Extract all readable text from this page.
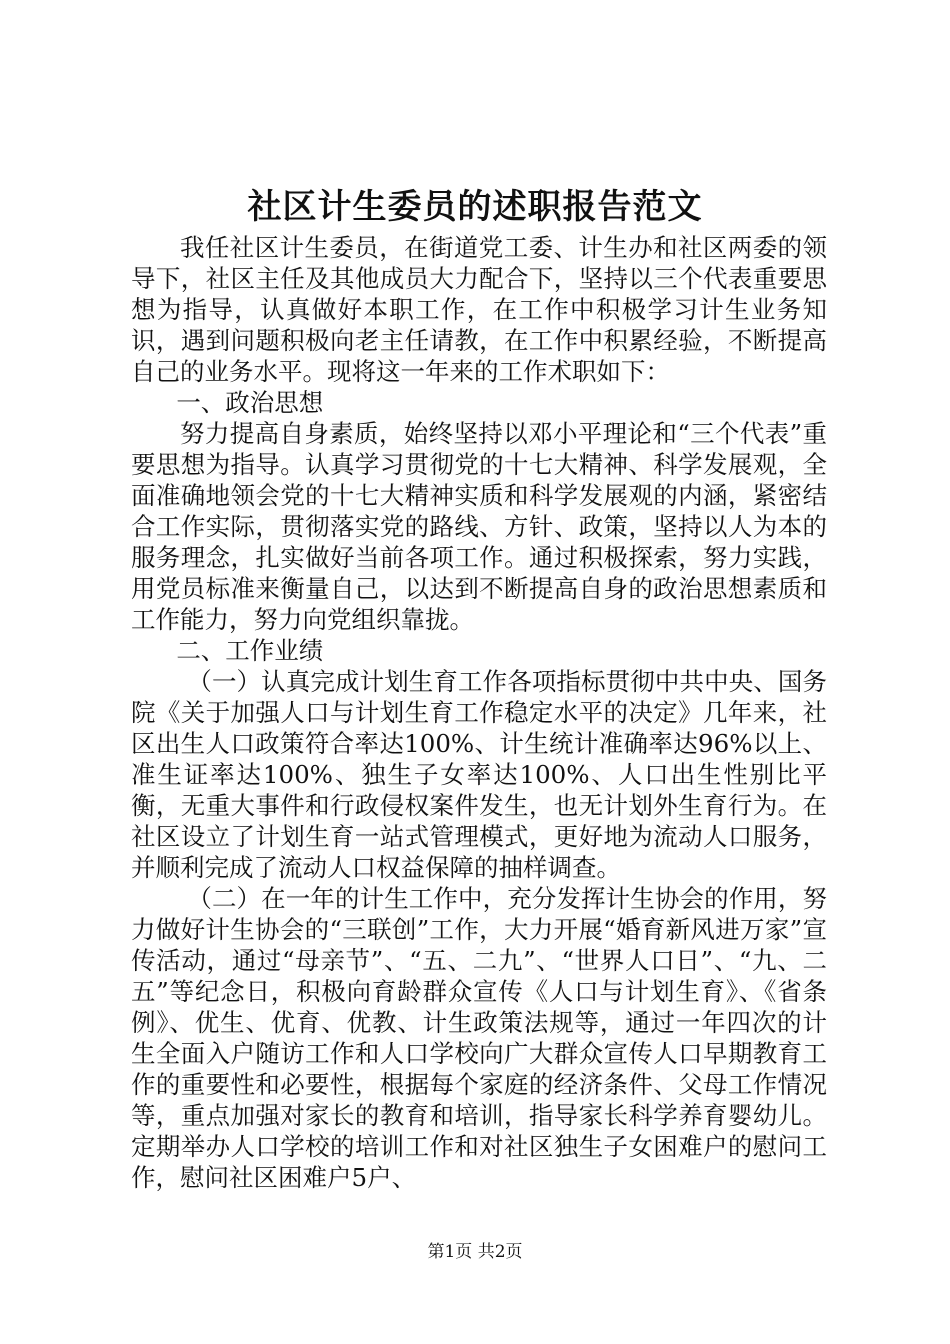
社区计生委员的述职报告范文

我任社区计生委员，在街道党工委、计生办和社区两委的领导下，社区主任及其他成员大力配合下，坚持以三个代表重要思想为指导，认真做好本职工作，在工作中积极学习计生业务知识，遇到问题积极向老主任请教，在工作中积累经验，不断提高自己的业务水平。现将这一年来的工作术职如下：

一、政治思想

努力提高自身素质，始终坚持以邓小平理论和“三个代表”重要思想为指导。认真学习贯彻党的十七大精神、科学发展观，全面准确地领会党的十七大精神实质和科学发展观的内涵，紧密结合工作实际，贯彻落实党的路线、方针、政策，坚持以人为本的服务理念，扎实做好当前各项工作。通过积极探索，努力实践，用党员标准来衡量自己，以达到不断提高自身的政治思想素质和工作能力，努力向党组织靠拢。

二、工作业绩

（一）认真完成计划生育工作各项指标贯彻中共中央、国务院《关于加强人口与计划生育工作稳定水平的决定》几年来，社区出生人口政策符合率达100%、计生统计准确率达96%以上、准生证率达100%、独生子女率达100%、人口出生性别比平衡，无重大事件和行政侵权案件发生，也无计划外生育行为。在社区设立了计划生育一站式管理模式，更好地为流动人口服务，并顺利完成了流动人口权益保障的抽样调查。

（二）在一年的计生工作中，充分发挥计生协会的作用，努力做好计生协会的“三联创”工作，大力开展“婚育新风进万家”宣传活动，通过“母亲节”、“五、二九”、“世界人口日”、“九、二五”等纪念日，积极向育龄群众宣传《人口与计划生育》、《省条例》、优生、优育、优教、计生政策法规等，通过一年四次的计生全面入户随访工作和人口学校向广大群众宣传人口早期教育工作的重要性和必要性，根据每个家庭的经济条件、父母工作情况等，重点加强对家长的教育和培训，指导家长科学养育婴幼儿。定期举办人口学校的培训工作和对社区独生子女困难户的慰问工作，慰问社区困难户5户、

第1页 共2页
